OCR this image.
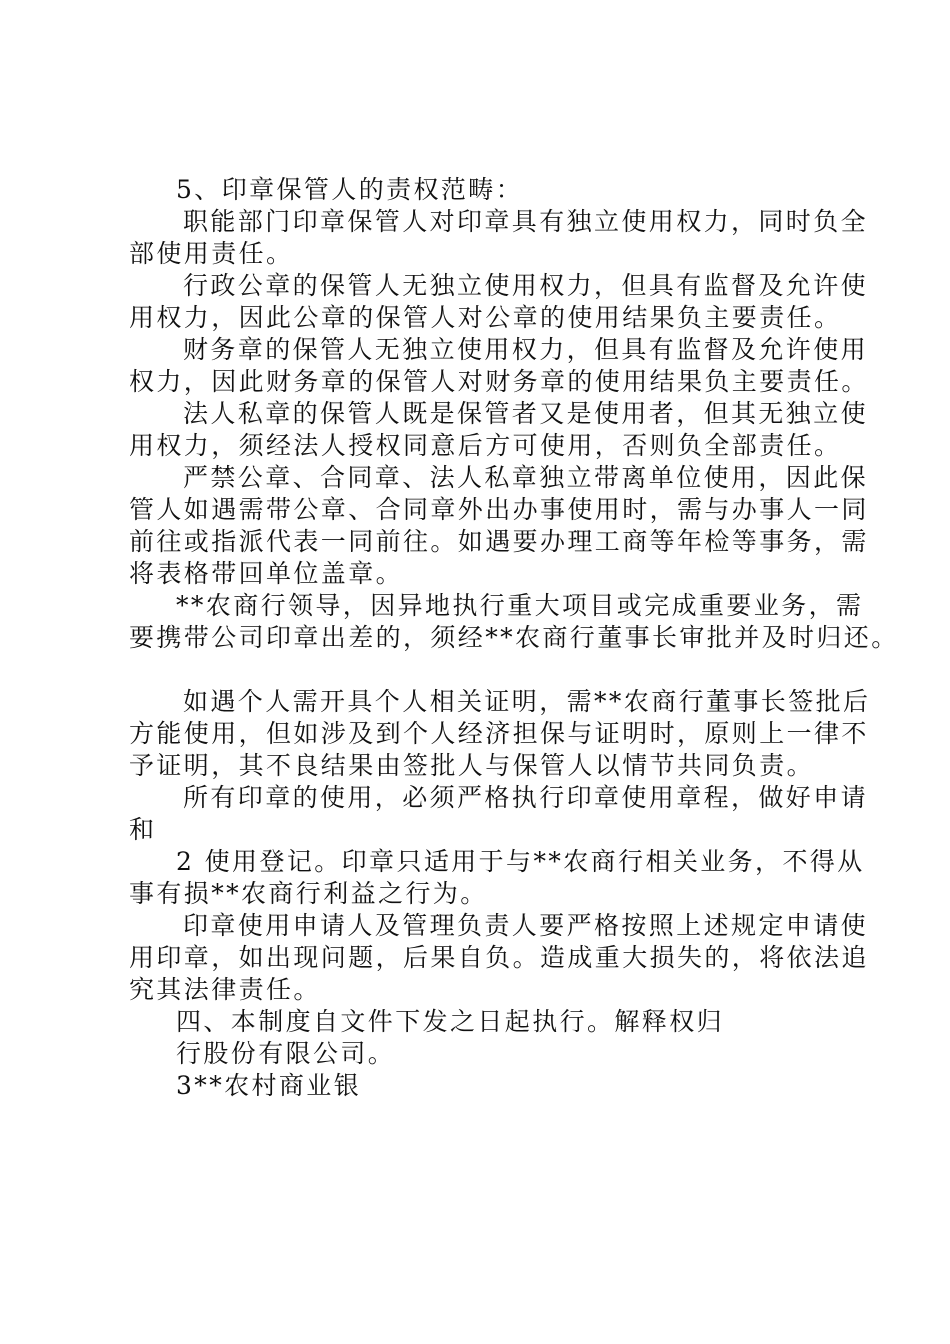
5、印章保管人的责权范畴：

职能部门印章保管人对印章具有独立使用权力，同时负全

部使用责任。

行政公章的保管人无独立使用权力，但具有监督及允许使

用权力，因此公章的保管人对公章的使用结果负主要责任。

财务章的保管人无独立使用权力，但具有监督及允许使用

权力，因此财务章的保管人对财务章的使用结果负主要责任。

法人私章的保管人既是保管者又是使用者，但其无独立使

用权力，须经法人授权同意后方可使用，否则负全部责任。

严禁公章、合同章、法人私章独立带离单位使用，因此保

管人如遇需带公章、合同章外出办事使用时，需与办事人一同

前往或指派代表一同前往。如遇要办理工商等年检等事务，需

将表格带回单位盖章。

**农商行领导，因异地执行重大项目或完成重要业务，需

要携带公司印章出差的，须经**农商行董事长审批并及时归还。

如遇个人需开具个人相关证明，需**农商行董事长签批后

方能使用，但如涉及到个人经济担保与证明时，原则上一律不

予证明，其不良结果由签批人与保管人以情节共同负责。

所有印章的使用，必须严格执行印章使用章程，做好申请

和

2 使用登记。印章只适用于与**农商行相关业务，不得从

事有损**农商行利益之行为。

印章使用申请人及管理负责人要严格按照上述规定申请使

用印章，如出现问题，后果自负。造成重大损失的，将依法追

究其法律责任。

四、本制度自文件下发之日起执行。解释权归

行股份有限公司。

3**农村商业银
